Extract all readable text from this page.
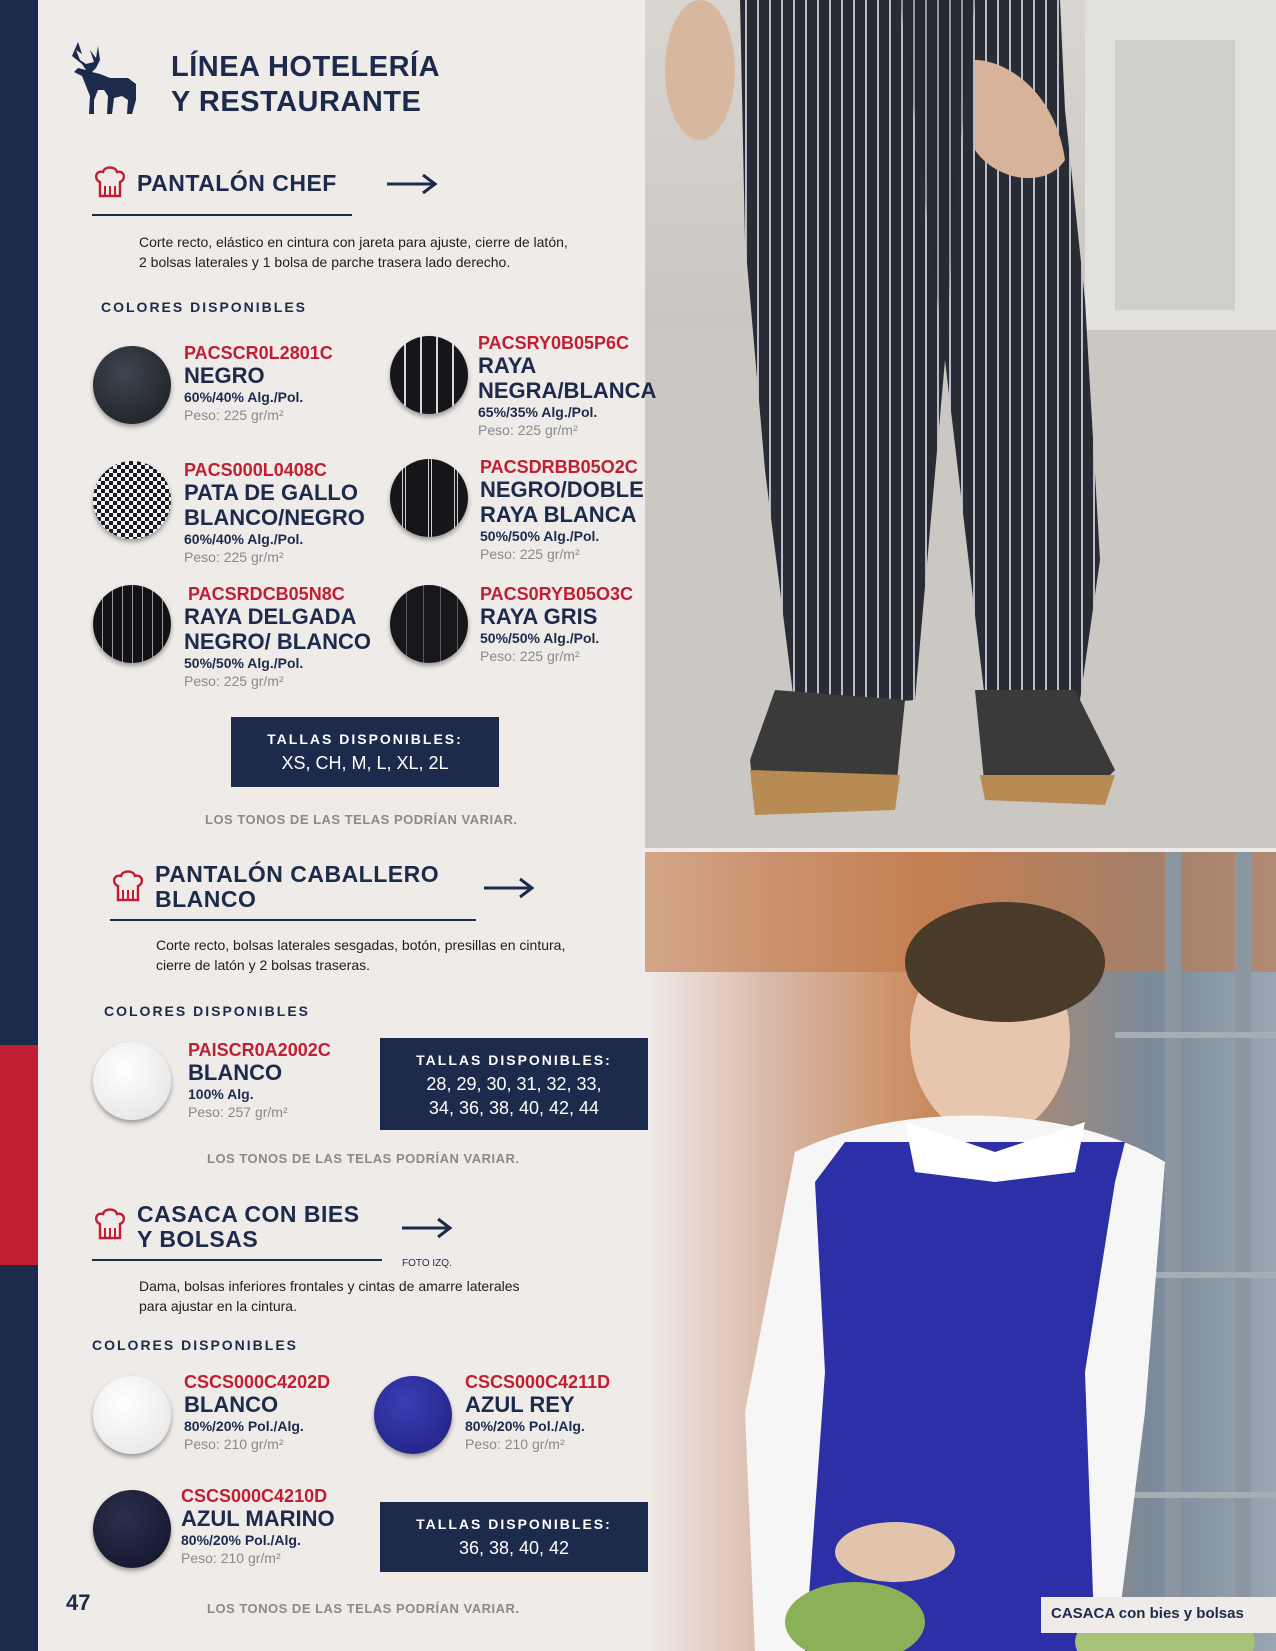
LÍNEA HOTELERÍA
Y RESTAURANTE
PANTALÓN CHEF
Corte recto, elástico en cintura con jareta para ajuste, cierre de latón,
2 bolsas laterales y 1 bolsa de parche trasera lado derecho.
COLORES DISPONIBLES
PACSCR0L2801C
NEGRO
60%/40% Alg./Pol.
Peso: 225 gr/m²
PACSRY0B05P6C
RAYA
NEGRA/BLANCA
65%/35% Alg./Pol.
Peso: 225 gr/m²
PACS000L0408C
PATA DE GALLO
BLANCO/NEGRO
60%/40% Alg./Pol.
Peso: 225 gr/m²
PACSDRBB05O2C
NEGRO/DOBLE
RAYA BLANCA
50%/50% Alg./Pol.
Peso: 225 gr/m²
PACSRDCB05N8C
RAYA DELGADA
NEGRO/ BLANCO
50%/50% Alg./Pol.
Peso: 225 gr/m²
PACS0RYB05O3C
RAYA GRIS
50%/50% Alg./Pol.
Peso: 225 gr/m²
TALLAS DISPONIBLES:
XS, CH, M, L, XL, 2L
LOS TONOS DE LAS TELAS PODRÍAN VARIAR.
PANTALÓN CABALLERO
BLANCO
Corte recto, bolsas laterales sesgadas, botón, presillas en cintura,
cierre de latón y 2 bolsas traseras.
COLORES DISPONIBLES
PAISCR0A2002C
BLANCO
100% Alg.
Peso: 257 gr/m²
TALLAS DISPONIBLES:
28, 29, 30, 31, 32, 33,
34, 36, 38, 40, 42, 44
LOS TONOS DE LAS TELAS PODRÍAN VARIAR.
CASACA CON BIES
Y BOLSAS
FOTO IZQ.
Dama, bolsas inferiores frontales y cintas de amarre laterales
para ajustar en la cintura.
COLORES DISPONIBLES
CSCS000C4202D
BLANCO
80%/20% Pol./Alg.
Peso: 210 gr/m²
CSCS000C4211D
AZUL REY
80%/20% Pol./Alg.
Peso: 210 gr/m²
CSCS000C4210D
AZUL MARINO
80%/20% Pol./Alg.
Peso: 210 gr/m²
TALLAS DISPONIBLES:
36, 38, 40, 42
LOS TONOS DE LAS TELAS PODRÍAN VARIAR.
47	CASACA con bies y bolsas
